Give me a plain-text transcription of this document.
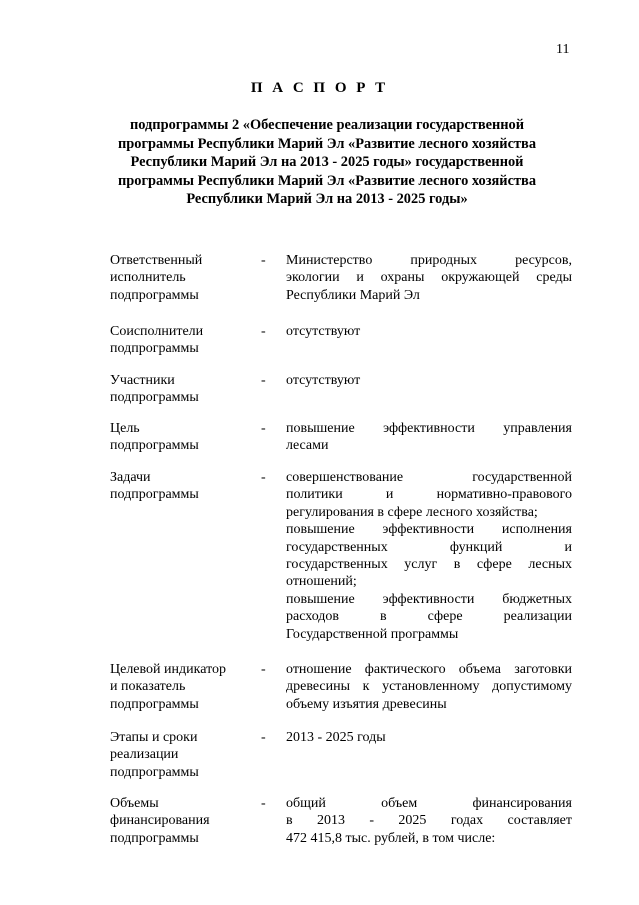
11
П А С П О Р Т
подпрограммы 2 «Обеспечение реализации государственной
программы Республики Марий Эл «Развитие лесного хозяйства
Республики Марий Эл на 2013 - 2025 годы» государственной
программы Республики Марий Эл «Развитие лесного хозяйства
Республики Марий Эл на 2013 - 2025 годы»
Ответственный
исполнитель
подпрограммы
- Министерство природных ресурсов,
экологии и охраны окружающей среды
Республики Марий Эл
Соисполнители
подпрограммы
- отсутствуют
Участники
подпрограммы
- отсутствуют
Цель
подпрограммы
- повышение эффективности управления
лесами
Задачи
подпрограммы
- совершенствование государственной
политики и нормативно-правового
регулирования в сфере лесного хозяйства;
повышение эффективности исполнения
государственных функций и
государственных услуг в сфере лесных
отношений;
повышение эффективности бюджетных
расходов в сфере реализации
Государственной программы
Целевой индикатор
и показатель
подпрограммы
- отношение фактического объема заготовки
древесины к установленному допустимому
объему изъятия древесины
Этапы и сроки
реализации
подпрограммы
- 2013 - 2025 годы
Объемы
финансирования
подпрограммы
- общий объем финансирования
в 2013 - 2025 годах составляет
472 415,8 тыс. рублей, в том числе:
